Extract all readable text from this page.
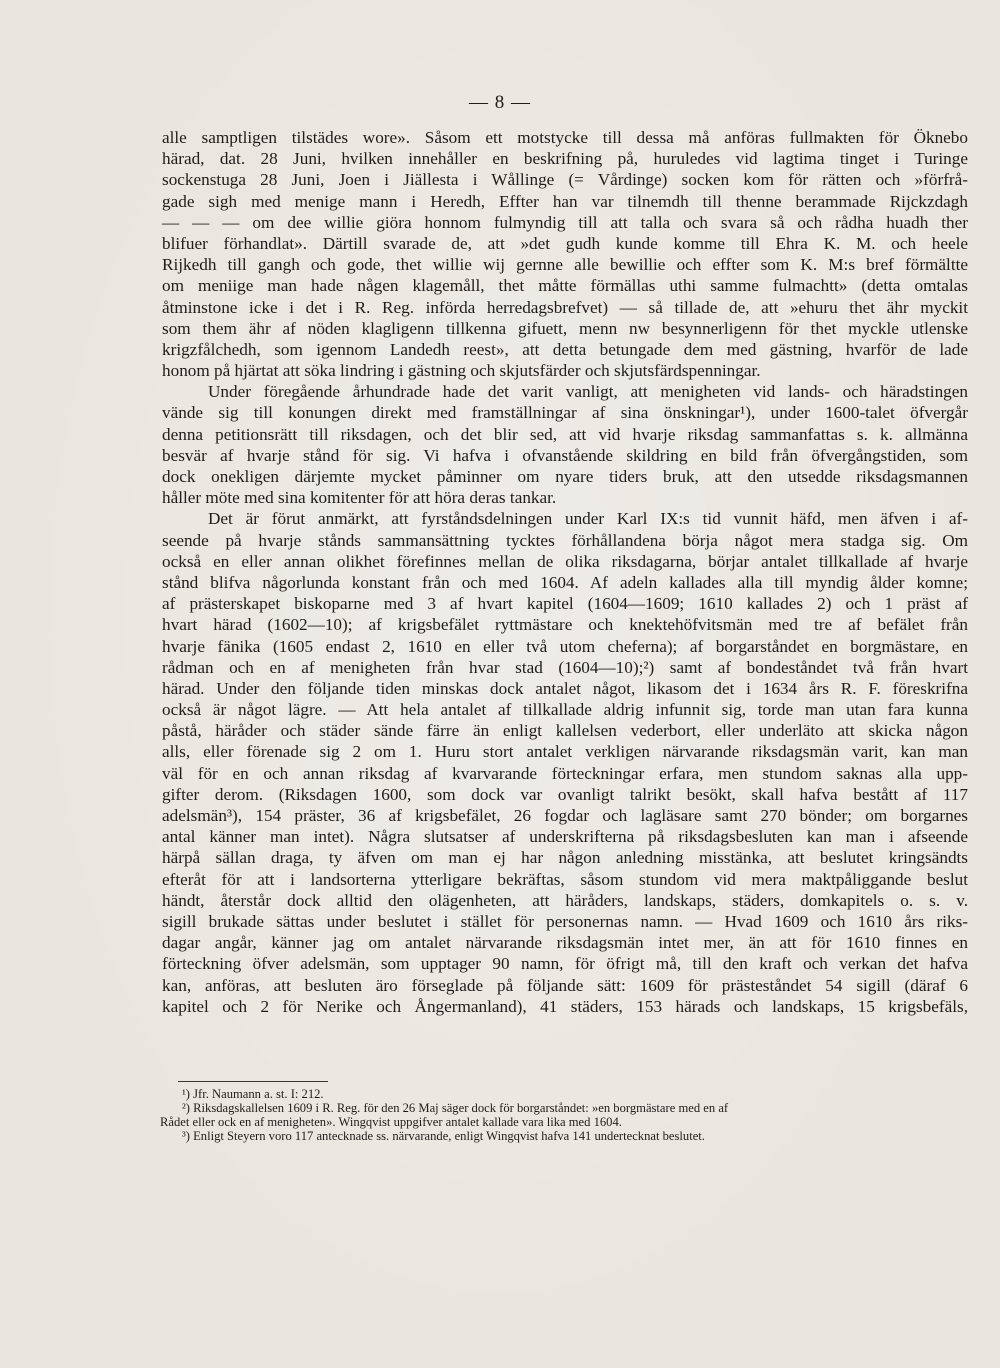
— 8 —
alle samptligen tilstädes wore». Såsom ett motstycke till dessa må anföras fullmakten för Öknebo
härad, dat. 28 Juni, hvilken innehåller en beskrifning på, huruledes vid lagtima tinget i Turinge
sockenstuga 28 Juni, Joen i Jiällesta i Wållinge (= Vårdinge) socken kom för rätten och »förfrå-
gade sigh med menige mann i Heredh, Effter han var tilnemdh till thenne berammade Rijckzdagh
— — — om dee willie giöra honnom fulmyndig till att talla och svara så och rådha huadh ther
blifuer förhandlat». Därtill svarade de, att »det gudh kunde komme till Ehra K. M. och heele
Rijkedh till gangh och gode, thet willie wij gernne alle bewillie och effter som K. M:s bref förmältte
om meniige man hade någen klagemåll, thet måtte förmällas uthi samme fulmachtt» (detta omtalas
åtminstone icke i det i R. Reg. införda herredagsbrefvet) — så tillade de, att »ehuru thet ähr myckit
som them ähr af nöden klagligenn tillkenna gifuett, menn nw besynnerligenn för thet myckle utlenske
krigzfålchedh, som igennom Landedh reest», att detta betungade dem med gästning, hvarför de lade
honom på hjärtat att söka lindring i gästning och skjutsfärder och skjutsfärdspenningar.
Under föregående århundrade hade det varit vanligt, att menigheten vid lands- och häradstingen
vände sig till konungen direkt med framställningar af sina önskningar¹), under 1600-talet öfvergår
denna petitionsrätt till riksdagen, och det blir sed, att vid hvarje riksdag sammanfattas s. k. allmänna
besvär af hvarje stånd för sig. Vi hafva i ofvanstående skildring en bild från öfvergångstiden, som
dock onekligen därjemte mycket påminner om nyare tiders bruk, att den utsedde riksdagsmannen
håller möte med sina komitenter för att höra deras tankar.
Det är förut anmärkt, att fyrståndsdelningen under Karl IX:s tid vunnit häfd, men äfven i af-
seende på hvarje stånds sammansättning tycktes förhållandena börja något mera stadga sig. Om
också en eller annan olikhet förefinnes mellan de olika riksdagarna, börjar antalet tillkallade af hvarje
stånd blifva någorlunda konstant från och med 1604. Af adeln kallades alla till myndig ålder komne;
af prästerskapet biskoparne med 3 af hvart kapitel (1604—1609; 1610 kallades 2) och 1 präst af
hvart härad (1602—10); af krigsbefälet ryttmästare och knektehöfvitsmän med tre af befälet från
hvarje fänika (1605 endast 2, 1610 en eller två utom cheferna); af borgarståndet en borgmästare, en
rådman och en af menigheten från hvar stad (1604—10);²) samt af bondeståndet två från hvart
härad. Under den följande tiden minskas dock antalet något, likasom det i 1634 års R. F. föreskrifna
också är något lägre. — Att hela antalet af tillkallade aldrig infunnit sig, torde man utan fara kunna
påstå, häråder och städer sände färre än enligt kallelsen vederbort, eller underläto att skicka någon
alls, eller förenade sig 2 om 1. Huru stort antalet verkligen närvarande riksdagsmän varit, kan man
väl för en och annan riksdag af kvarvarande förteckningar erfara, men stundom saknas alla upp-
gifter derom. (Riksdagen 1600, som dock var ovanligt talrikt besökt, skall hafva bestått af 117
adelsmän³), 154 präster, 36 af krigsbefälet, 26 fogdar och lagläsare samt 270 bönder; om borgarnes
antal känner man intet). Några slutsatser af underskrifterna på riksdagsbesluten kan man i afseende
härpå sällan draga, ty äfven om man ej har någon anledning misstänka, att beslutet kringsändts
efteråt för att i landsorterna ytterligare bekräftas, såsom stundom vid mera maktpåliggande beslut
händt, återstår dock alltid den olägenheten, att häråders, landskaps, städers, domkapitels o. s. v.
sigill brukade sättas under beslutet i stället för personernas namn. — Hvad 1609 och 1610 års riks-
dagar angår, känner jag om antalet närvarande riksdagsmän intet mer, än att för 1610 finnes en
förteckning öfver adelsmän, som upptager 90 namn, för öfrigt må, till den kraft och verkan det hafva
kan, anföras, att besluten äro förseglade på följande sätt: 1609 för prästeståndet 54 sigill (däraf 6
kapitel och 2 för Nerike och Ångermanland), 41 städers, 153 härads och landskaps, 15 krigsbefäls,
¹) Jfr. Naumann a. st. I: 212.
²) Riksdagskallelsen 1609 i R. Reg. för den 26 Maj säger dock för borgarståndet: »en borgmästare med en af
Rådet eller ock en af menigheten». Wingqvist uppgifver antalet kallade vara lika med 1604.
³) Enligt Steyern voro 117 antecknade ss. närvarande, enligt Wingqvist hafva 141 undertecknat beslutet.
